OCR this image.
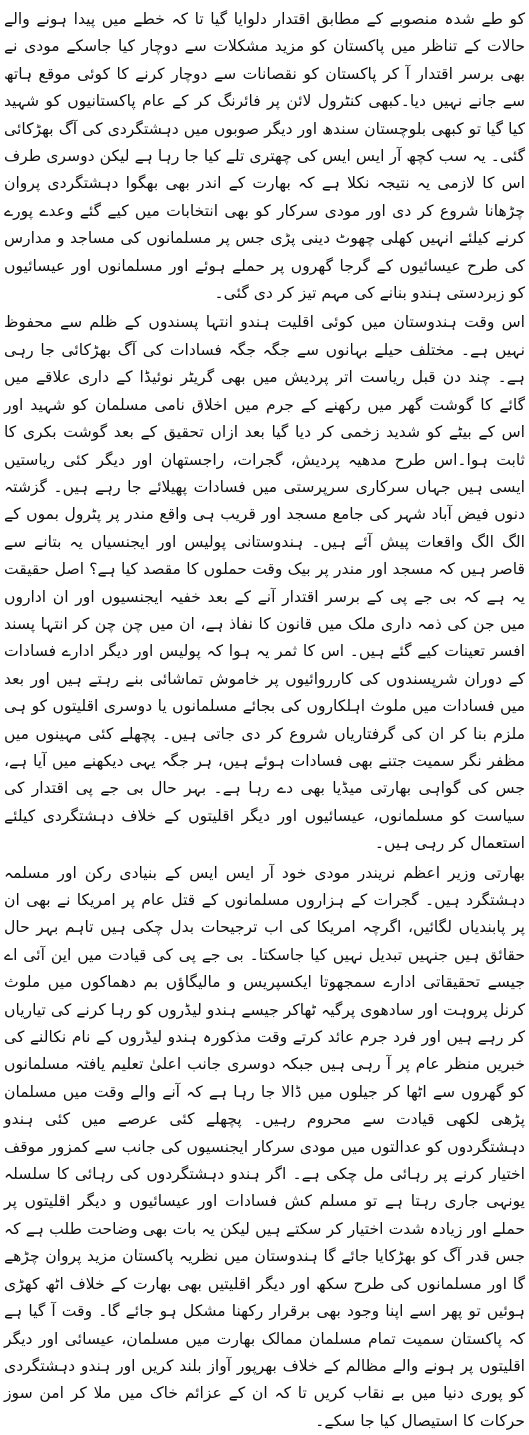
کو طے شدہ منصوبے کے مطابق اقتدار دلوایا گیا تا کہ خطے میں پیدا ہونے والے حالات کے تناظر میں پاکستان کو مزید مشکلات سے دوچار کیا جاسکے مودی نے بھی برسر اقتدار آ کر پاکستان کو نقصانات سے دوچار کرنے کا کوئی موقع ہاتھ سے جانے نہیں دیا۔کبھی کنٹرول لائن پر فائرنگ کر کے عام پاکستانیوں کو شہید کیا گیا تو کبھی بلوچستان سندھ اور دیگر صوبوں میں دہشتگردی کی آگ بھڑکائی گئی۔ یہ سب کچھ آر ایس ایس کی چھتری تلے کیا جا رہا ہے لیکن دوسری طرف اس کا لازمی یہ نتیجہ نکلا ہے کہ بھارت کے اندر بھی بھگوا دہشتگردی پروان چڑھانا شروع کر دی اور مودی سرکار کو بھی انتخابات میں کیے گئے وعدے پورے کرنے کیلئے انہیں کھلی چھوٹ دینی پڑی جس پر مسلمانوں کی مساجد و مدارس کی طرح عیسائیوں کے گرجا گھروں پر حملے ہوئے اور مسلمانوں اور عیسائیوں کو زبردستی ہندو بنانے کی مہم تیز کر دی گئی۔

اس وقت ہندوستان میں کوئی اقلیت ہندو انتہا پسندوں کے ظلم سے محفوظ نہیں ہے۔ مختلف حیلے بہانوں سے جگہ جگہ فسادات کی آگ بھڑکائی جا رہی ہے۔ چند دن قبل ریاست اتر پردیش میں بھی گریٹر نوئیڈا کے داری علاقے میں گائے کا گوشت گھر میں رکھنے کے جرم میں اخلاق نامی مسلمان کو شہید اور اس کے بیٹے کو شدید زخمی کر دیا گیا بعد ازاں تحقیق کے بعد گوشت بکری کا ثابت ہوا۔اس طرح مدھیہ پردیش، گجرات، راجستھان اور دیگر کئی ریاستیں ایسی ہیں جہاں سرکاری سرپرستی میں فسادات پھیلائے جا رہے ہیں۔ گزشتہ دنوں فیض آباد شہر کی جامع مسجد اور قریب ہی واقع مندر پر پٹرول بموں کے الگ الگ واقعات پیش آئے ہیں۔ ہندوستانی پولیس اور ایجنسیاں یہ بتانے سے قاصر ہیں کہ مسجد اور مندر پر بیک وقت حملوں کا مقصد کیا ہے؟ اصل حقیقت یہ ہے کہ بی جے پی کے برسر اقتدار آنے کے بعد خفیہ ایجنسیوں اور ان اداروں میں جن کی ذمہ داری ملک میں قانون کا نفاذ ہے، ان میں چن چن کر انتہا پسند افسر تعینات کیے گئے ہیں۔ اس کا ثمر یہ ہوا کہ پولیس اور دیگر ادارے فسادات کے دوران شرپسندوں کی کارروائیوں پر خاموش تماشائی بنے رہتے ہیں اور بعد میں فسادات میں ملوث اہلکاروں کی بجائے مسلمانوں یا دوسری اقلیتوں کو ہی ملزم بنا کر ان کی گرفتاریاں شروع کر دی جاتی ہیں۔ پچھلے کئی مہینوں میں مظفر نگر سمیت جتنے بھی فسادات ہوئے ہیں، ہر جگہ یہی دیکھنے میں آیا ہے، جس کی گواہی بھارتی میڈیا بھی دے رہا ہے۔ بہر حال بی جے پی اقتدار کی سیاست کو مسلمانوں، عیسائیوں اور دیگر اقلیتوں کے خلاف دہشتگردی کیلئے استعمال کر رہی ہیں۔

بھارتی وزیر اعظم نریندر مودی خود آر ایس ایس کے بنیادی رکن اور مسلمہ دہشتگرد ہیں۔ گجرات کے ہزاروں مسلمانوں کے قتل عام پر امریکا نے بھی ان پر پابندیاں لگائیں، اگرچہ امریکا کی اب ترجیحات بدل چکی ہیں تاہم بہر حال حقائق ہیں جنہیں تبدیل نہیں کیا جاسکتا۔ بی جے پی کی قیادت میں این آئی اے جیسے تحقیقاتی ادارے سمجھوتا ایکسپریس و مالیگاؤں بم دھماکوں میں ملوث کرنل پروہت اور سادھوی پرگیہ ٹھاکر جیسے ہندو لیڈروں کو رہا کرنے کی تیاریاں کر رہے ہیں اور فرد جرم عائد کرتے وقت مذکورہ ہندو لیڈروں کے نام نکالنے کی خبریں منظر عام پر آ رہی ہیں جبکہ دوسری جانب اعلیٰ تعلیم یافتہ مسلمانوں کو گھروں سے اٹھا کر جیلوں میں ڈالا جا رہا ہے کہ آنے والے وقت میں مسلمان پڑھی لکھی قیادت سے محروم رہیں۔ پچھلے کئی عرصے میں کئی ہندو دہشتگردوں کو عدالتوں میں مودی سرکار ایجنسیوں کی جانب سے کمزور موقف اختیار کرنے پر رہائی مل چکی ہے۔ اگر ہندو دہشتگردوں کی رہائی کا سلسلہ یونہی جاری رہتا ہے تو مسلم کش فسادات اور عیسائیوں و دیگر اقلیتوں پر حملے اور زیادہ شدت اختیار کر سکتے ہیں لیکن یہ بات بھی وضاحت طلب ہے کہ جس قدر آگ کو بھڑکایا جائے گا ہندوستان میں نظریہ پاکستان مزید پروان چڑھے گا اور مسلمانوں کی طرح سکھ اور دیگر اقلیتیں بھی بھارت کے خلاف اٹھ کھڑی ہوئیں تو پھر اسے اپنا وجود بھی برقرار رکھنا مشکل ہو جائے گا۔ وقت آ گیا ہے کہ پاکستان سمیت تمام مسلمان ممالک بھارت میں مسلمان، عیسائی اور دیگر اقلیتوں پر ہونے والے مظالم کے خلاف بھرپور آواز بلند کریں اور ہندو دہشتگردی کو پوری دنیا میں بے نقاب کریں تا کہ ان کے عزائم خاک میں ملا کر امن سوز حرکات کا استیصال کیا جا سکے۔
